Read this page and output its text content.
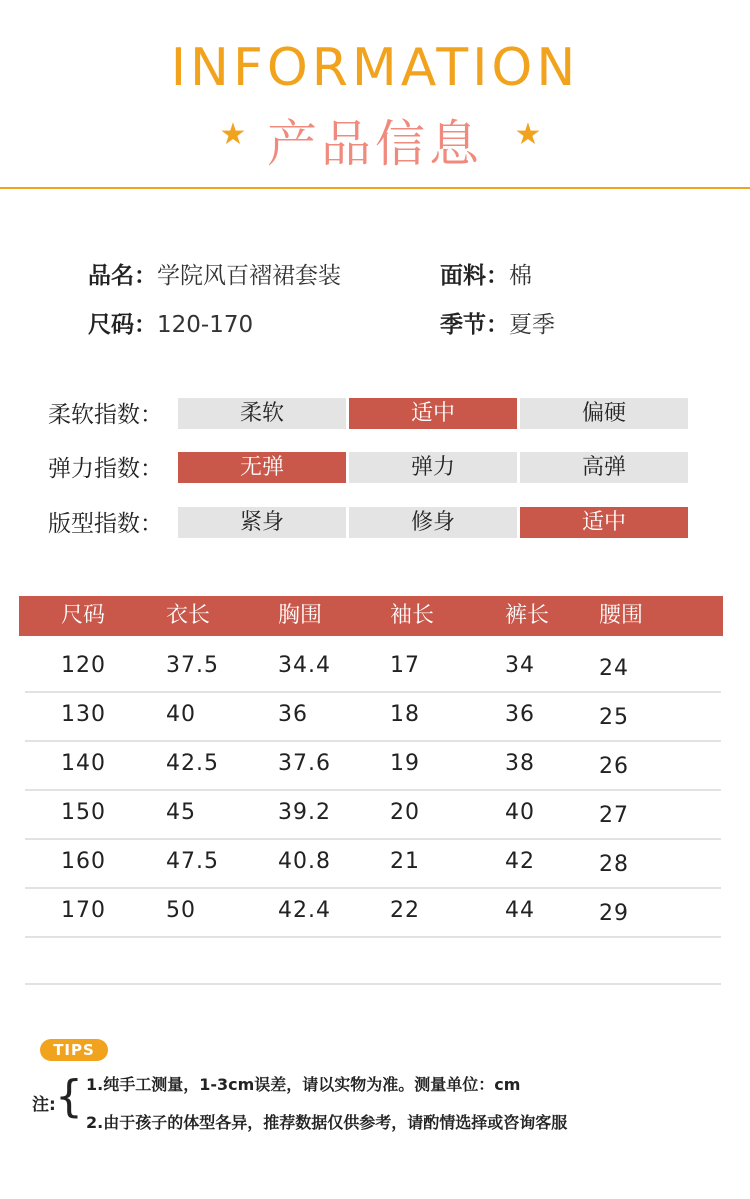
INFORMATION
★ 产品信息	★
品名：学院风百褶裙套装	面料：棉
尺码：120-170	季节：夏季
柔软指数：	柔软	适中	偏硬
弹力指数：	无弹	弹力	高弹
版型指数：	紧身	修身	适中
尺码	衣长	胸围	袖长	裤长 腰围
120	37.5	34.4	17	34	24
130	40	36	18	36	25
140	42.5	37.6	19	38	26
150	45	39.2	20	40	27
160	47.5	40.8	21	42	28
170	50	42.4	22	44	29
TIPS
注: { 1.纯手工测量，1-3cm误差，请以实物为准。测量单位：cm
2.由于孩子的体型各异，推荐数据仅供参考，请酌情选择或咨询客服
